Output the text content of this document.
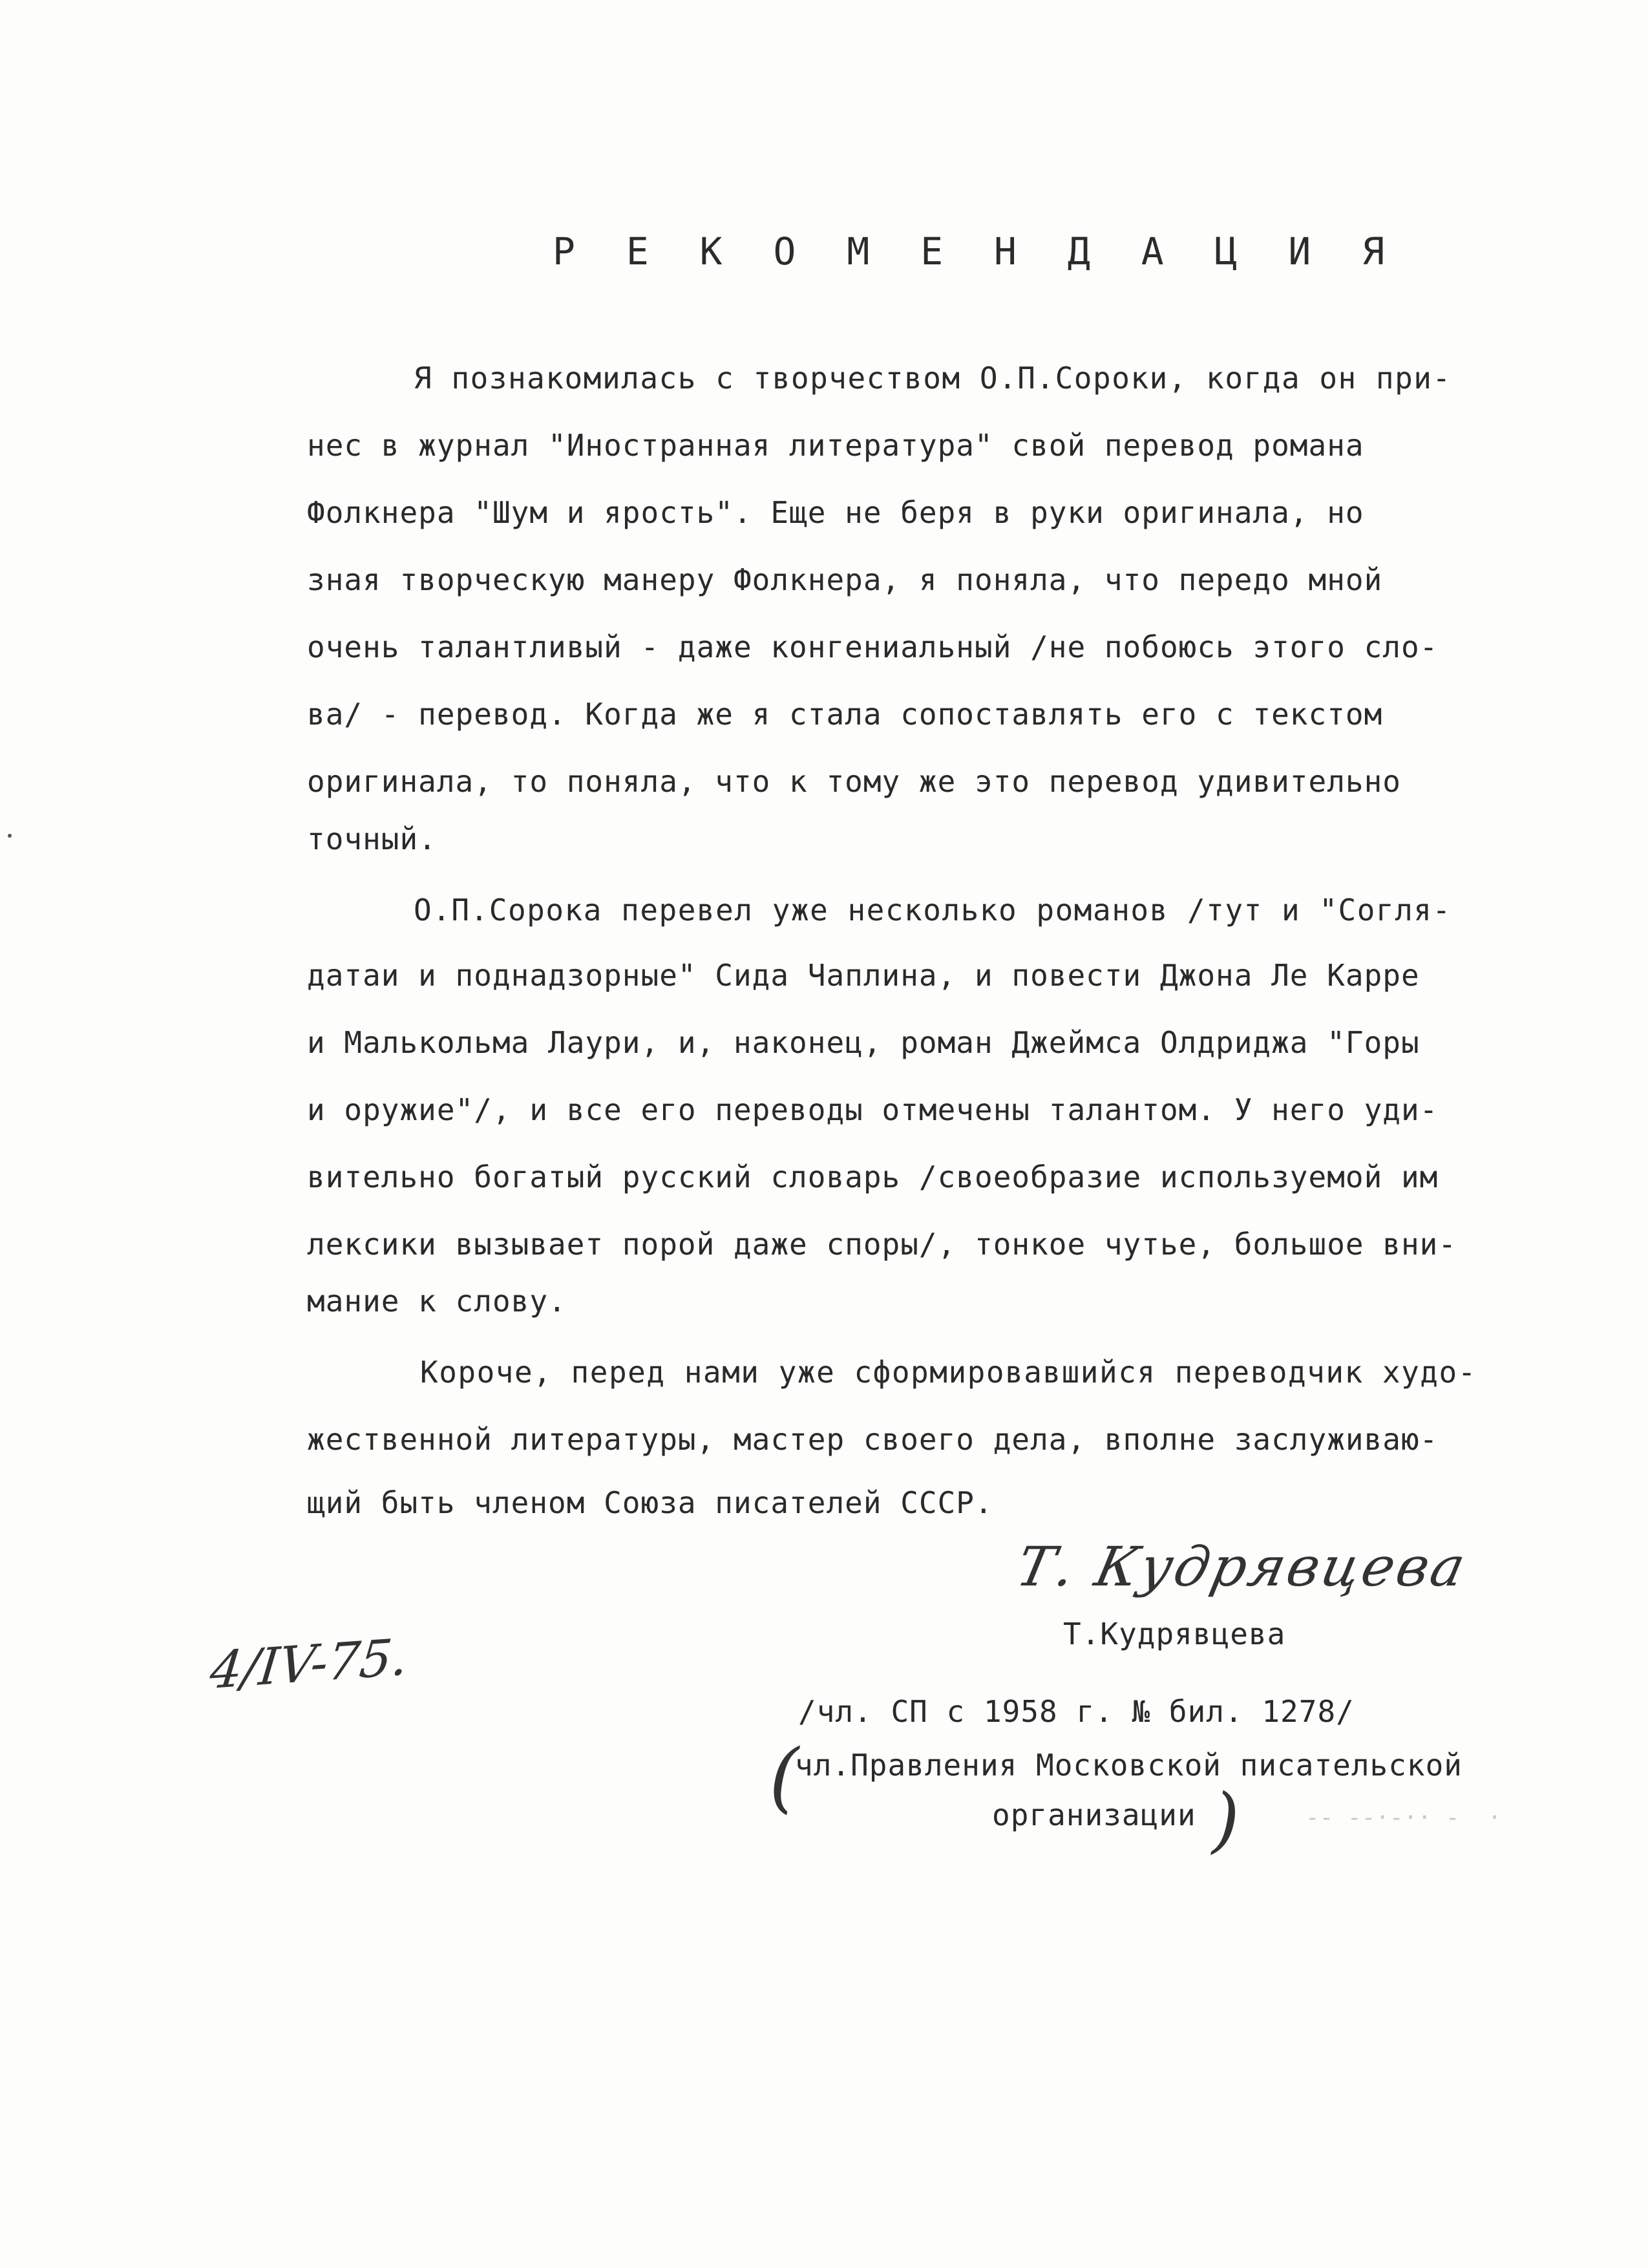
Р Е К О М Е Н Д А Ц И Я
Я познакомилась с творчеством О.П.Сороки, когда он при-
нес в журнал "Иностранная литература" свой перевод романа
Фолкнера "Шум и ярость". Еще не беря в руки оригинала, но
зная творческую манеру Фолкнера, я поняла, что передо мной
очень талантливый - даже конгениальный /не побоюсь этого сло-
ва/ - перевод. Когда же я стала сопоставлять его с текстом
оригинала, то поняла, что к тому же это перевод удивительно
точный.
О.П.Сорока перевел уже несколько романов /тут и "Согля-
датаи и поднадзорные" Сида Чаплина, и повести Джона Ле Карре
и Малькольма Лаури, и, наконец, роман Джеймса Олдриджа "Горы
и оружие"/, и все его переводы отмечены талантом. У него уди-
вительно богатый русский словарь /своеобразие используемой им
лексики вызывает порой даже споры/, тонкое чутье, большое вни-
мание к слову.
Короче, перед нами уже сформировавшийся переводчик худо-
жественной литературы, мастер своего дела, вполне заслуживаю-
щий быть членом Союза писателей СССР.
Т. Кудрявцева
Т.Кудрявцева
4/IV-75.
/чл. СП с 1958 г. № бил. 1278/
(
чл.Правления Московской писательской
организации )	-- --·-·· -  ·
